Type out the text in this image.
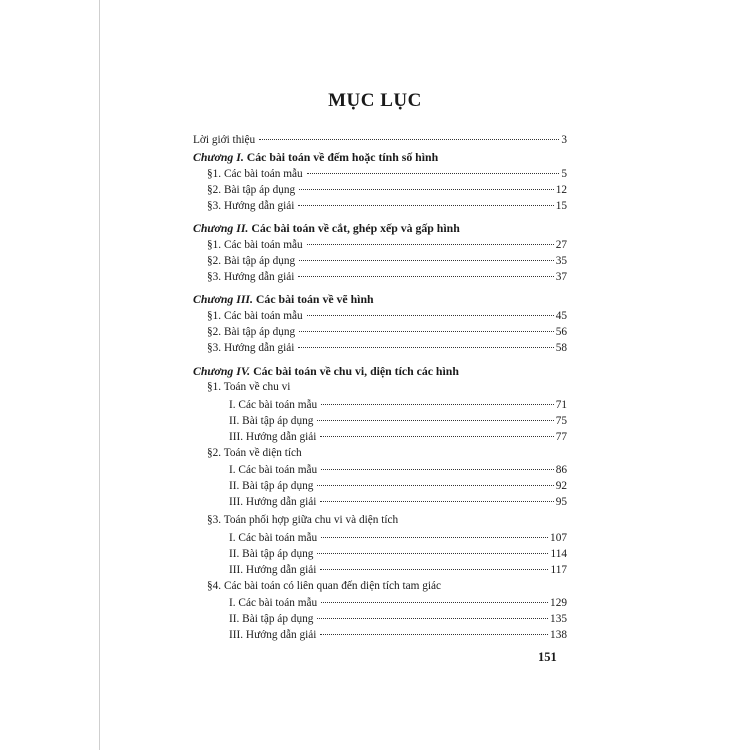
MỤC LỤC
Lời giới thiệu	3
Chương I. Các bài toán về đếm hoặc tính số hình
§1. Các bài toán mẫu	5
§2. Bài tập áp dụng	12
§3. Hướng dẫn giải	15
Chương II. Các bài toán về cắt, ghép xếp và gấp hình
§1. Các bài toán mẫu	27
§2. Bài tập áp dụng	35
§3. Hướng dẫn giải	37
Chương III. Các bài toán về vẽ hình
§1. Các bài toán mẫu	45
§2. Bài tập áp dụng	56
§3. Hướng dẫn giải	58
Chương IV. Các bài toán về chu vi, diện tích các hình
§1. Toán về chu vi
I. Các bài toán mẫu	71
II. Bài tập áp dụng	75
III. Hướng dẫn giải	77
§2. Toán về diện tích
I. Các bài toán mẫu	86
II. Bài tập áp dụng	92
III. Hướng dẫn giải	95
§3. Toán phối hợp giữa chu vi và diện tích
I. Các bài toán mẫu	107
II. Bài tập áp dụng	114
III. Hướng dẫn giải	117
§4. Các bài toán có liên quan đến diện tích tam giác
I. Các bài toán mẫu	129
II. Bài tập áp dụng	135
III. Hướng dẫn giải	138
151
